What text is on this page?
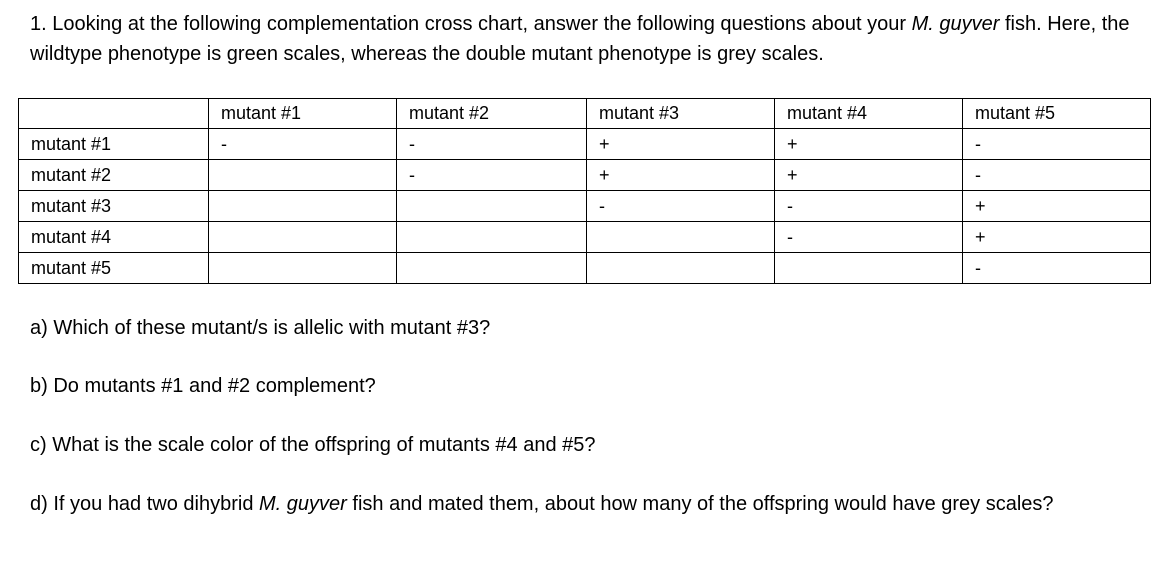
1. Looking at the following complementation cross chart, answer the following questions about your M. guyver fish. Here, the wildtype phenotype is green scales, whereas the double mutant phenotype is grey scales.
	mutant #1	mutant #2	mutant #3	mutant #4	mutant #5
mutant #1	-	-	+	+	-
mutant #2		-	+	+	-
mutant #3			-	-	+
mutant #4				-	+
mutant #5					-
a) Which of these mutant/s is allelic with mutant #3?
b) Do mutants #1 and #2 complement?
c) What is the scale color of the offspring of mutants #4 and #5?
d) If you had two dihybrid M. guyver fish and mated them, about how many of the offspring would have grey scales?
